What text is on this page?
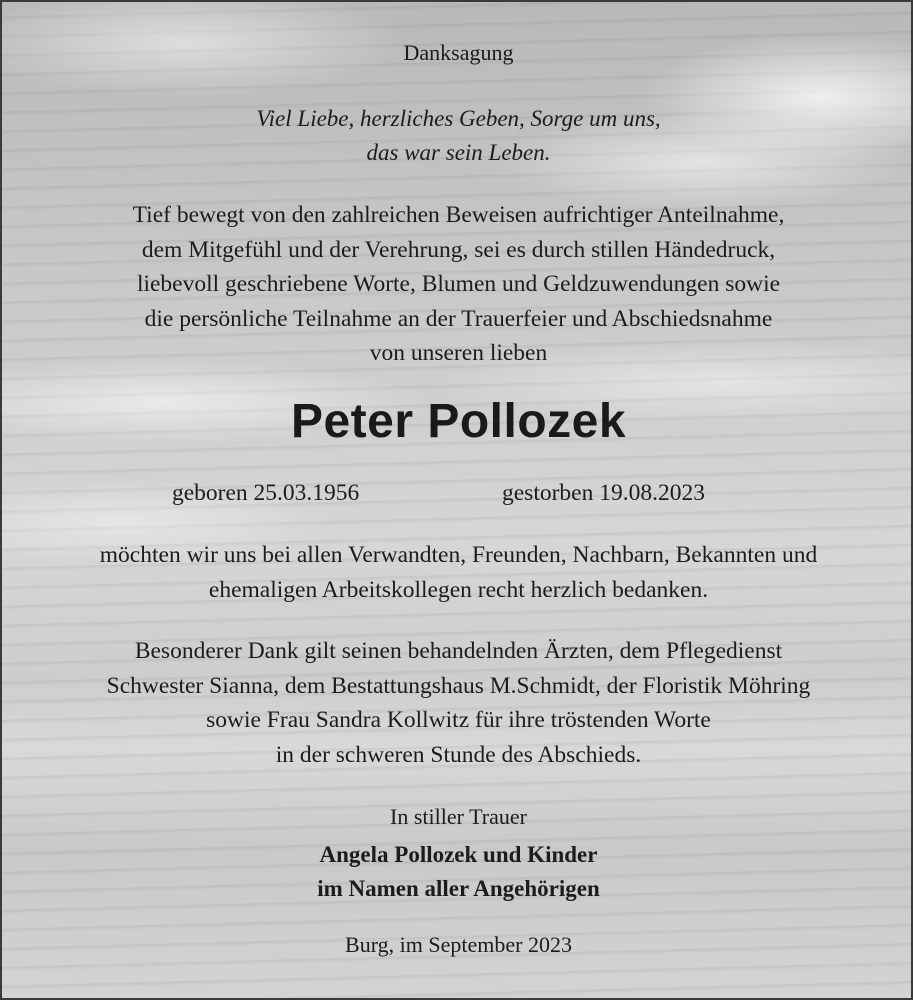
Danksagung
Viel Liebe, herzliches Geben, Sorge um uns,
das war sein Leben.
Tief bewegt von den zahlreichen Beweisen aufrichtiger Anteilnahme,
dem Mitgefühl und der Verehrung, sei es durch stillen Händedruck,
liebevoll geschriebene Worte, Blumen und Geldzuwendungen sowie
die persönliche Teilnahme an der Trauerfeier und Abschiedsnahme
von unseren lieben
Peter Pollozek
geboren 25.03.1956	gestorben 19.08.2023
möchten wir uns bei allen Verwandten, Freunden, Nachbarn, Bekannten und
ehemaligen Arbeitskollegen recht herzlich bedanken.
Besonderer Dank gilt seinen behandelnden Ärzten, dem Pflegedienst
Schwester Sianna, dem Bestattungshaus M.Schmidt, der Floristik Möhring
sowie Frau Sandra Kollwitz für ihre tröstenden Worte
in der schweren Stunde des Abschieds.
In stiller Trauer
Angela Pollozek und Kinder
im Namen aller Angehörigen
Burg, im September 2023
